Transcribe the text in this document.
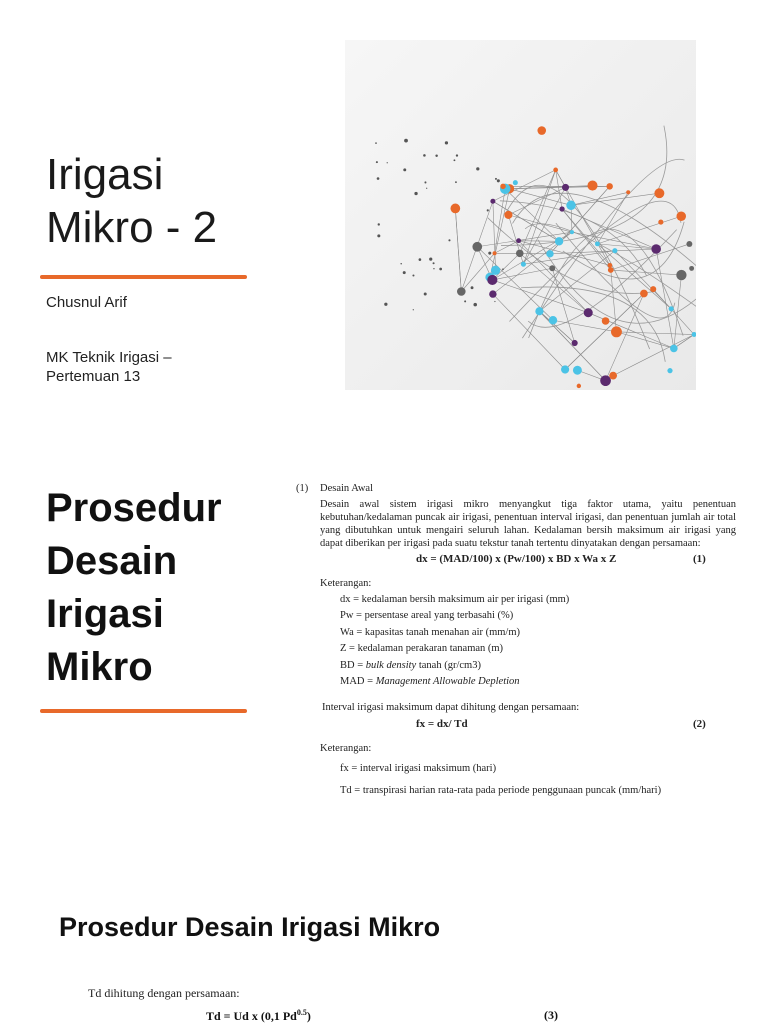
Irigasi
Mikro - 2
Chusnul Arif
MK Teknik Irigasi –
Pertemuan 13
Prosedur
Desain
Irigasi
Mikro
(1) Desain Awal
Desain awal sistem irigasi mikro menyangkut tiga faktor utama, yaitu penentuan kebutuhan/kedalaman puncak air irigasi, penentuan interval irigasi, dan penentuan jumlah air total yang dibutuhkan untuk mengairi seluruh lahan. Kedalaman bersih maksimum air irigasi yang dapat diberikan per irigasi pada suatu tekstur tanah tertentu dinyatakan dengan persamaan:
dx = (MAD/100) x (Pw/100) x BD x Wa x Z	(1)
Keterangan:
dx = kedalaman bersih maksimum air per irigasi (mm)
Pw = persentase areal yang terbasahi (%)
Wa = kapasitas tanah menahan air (mm/m)
Z = kedalaman perakaran tanaman (m)
BD = bulk density tanah (gr/cm3)
MAD = Management Allowable Depletion
Interval irigasi maksimum dapat dihitung dengan persamaan:
fx = dx/ Td	(2)
Keterangan:
fx = interval irigasi maksimum (hari)
Td = transpirasi harian rata-rata pada periode penggunaan puncak (mm/hari)
Prosedur Desain Irigasi Mikro
Td dihitung dengan persamaan:
Td = Ud x (0,1 $Pd^{0.5}$)	(3)
